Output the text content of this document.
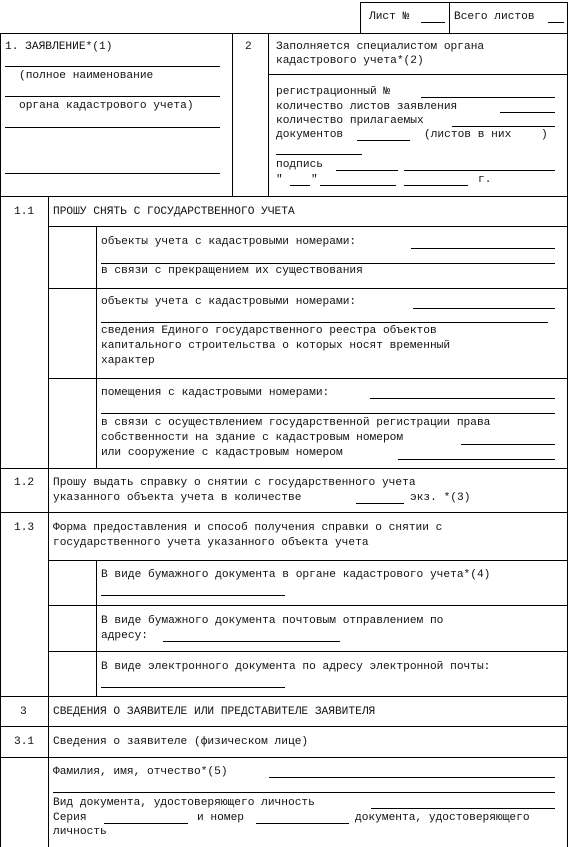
Лист №	Всего листов
1. ЗАЯВЛЕНИЕ*(1)
(полное наименование
органа кадастрового учета)
2 Заполняется специалистом органа
кадастрового учета*(2)
регистрационный №
количество листов заявления
количество прилагаемых
документов	(листов в них	)
подпись
"	"	г.
1.1 ПРОШУ СНЯТЬ С ГОСУДАРСТВЕННОГО УЧЕТА
объекты учета с кадастровыми номерами:
в связи с прекращением их существования
объекты учета с кадастровыми номерами:
сведения Единого государственного реестра объектов
капитального строительства о которых носят временный
характер
помещения с кадастровыми номерами:
в связи с осуществлением государственной регистрации права
собственности на здание с кадастровым номером
или сооружение с кадастровым номером
1.2 Прошу выдать справку о снятии с государственного учета
указанного объекта учета в количестве	экз. *(3)
1.3 Форма предоставления и способ получения справки о снятии с
государственного учета указанного объекта учета
В виде бумажного документа в органе кадастрового учета*(4)
В виде бумажного документа почтовым отправлением по
адресу:
В виде электронного документа по адресу электронной почты:
3 СВЕДЕНИЯ О ЗАЯВИТЕЛЕ ИЛИ ПРЕДСТАВИТЕЛЕ ЗАЯВИТЕЛЯ
3.1 Сведения о заявителе (физическом лице)
Фамилия, имя, отчество*(5)
Вид документа, удостоверяющего личность
Серия	и номер	документа, удостоверяющего
личность
